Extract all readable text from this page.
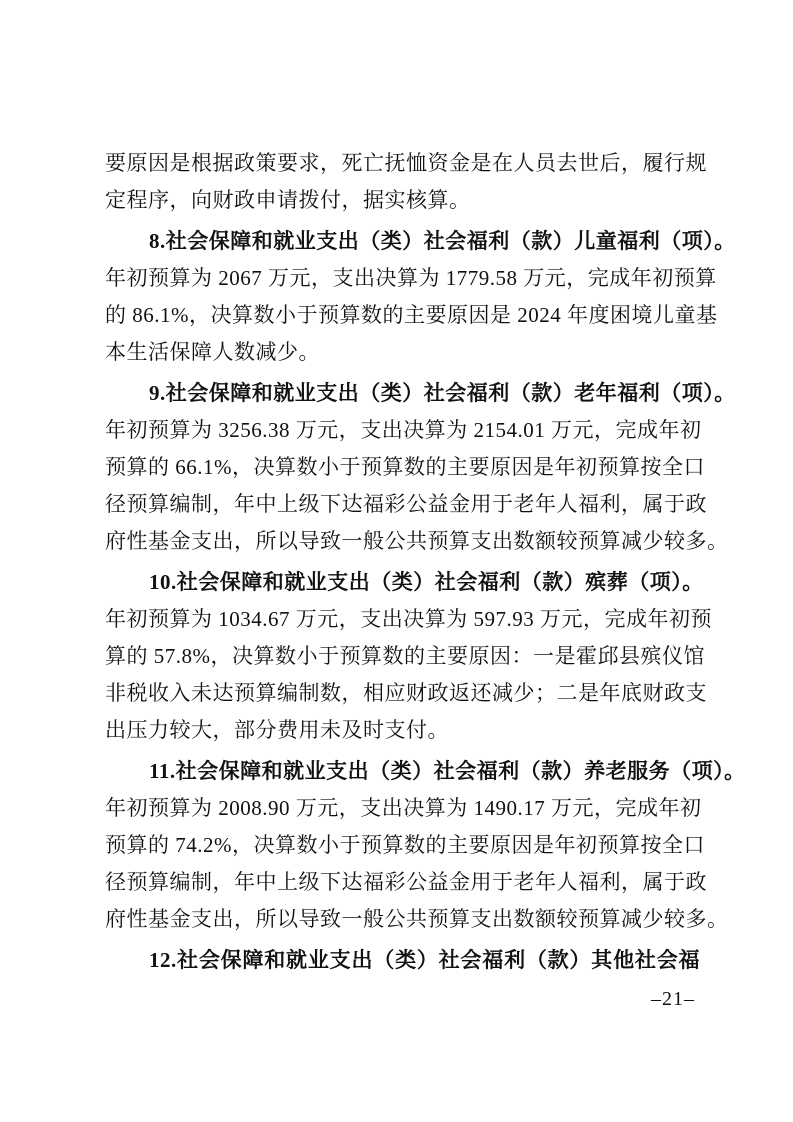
要原因是根据政策要求，死亡抚恤资金是在人员去世后，履行规
定程序，向财政申请拨付，据实核算。
8.社会保障和就业支出（类）社会福利（款）儿童福利（项）。
年初预算为 2067 万元，支出决算为 1779.58 万元，完成年初预算
的 86.1%，决算数小于预算数的主要原因是 2024 年度困境儿童基
本生活保障人数减少。
9.社会保障和就业支出（类）社会福利（款）老年福利（项）。
年初预算为 3256.38 万元，支出决算为 2154.01 万元，完成年初
预算的 66.1%，决算数小于预算数的主要原因是年初预算按全口
径预算编制，年中上级下达福彩公益金用于老年人福利，属于政
府性基金支出，所以导致一般公共预算支出数额较预算减少较多。
10.社会保障和就业支出（类）社会福利（款）殡葬（项）。
年初预算为 1034.67 万元，支出决算为 597.93 万元，完成年初预
算的 57.8%，决算数小于预算数的主要原因：一是霍邱县殡仪馆
非税收入未达预算编制数，相应财政返还减少；二是年底财政支
出压力较大，部分费用未及时支付。
11.社会保障和就业支出（类）社会福利（款）养老服务（项）。
年初预算为 2008.90 万元，支出决算为 1490.17 万元，完成年初
预算的 74.2%，决算数小于预算数的主要原因是年初预算按全口
径预算编制，年中上级下达福彩公益金用于老年人福利，属于政
府性基金支出，所以导致一般公共预算支出数额较预算减少较多。
12.社会保障和就业支出（类）社会福利（款）其他社会福
–21–
